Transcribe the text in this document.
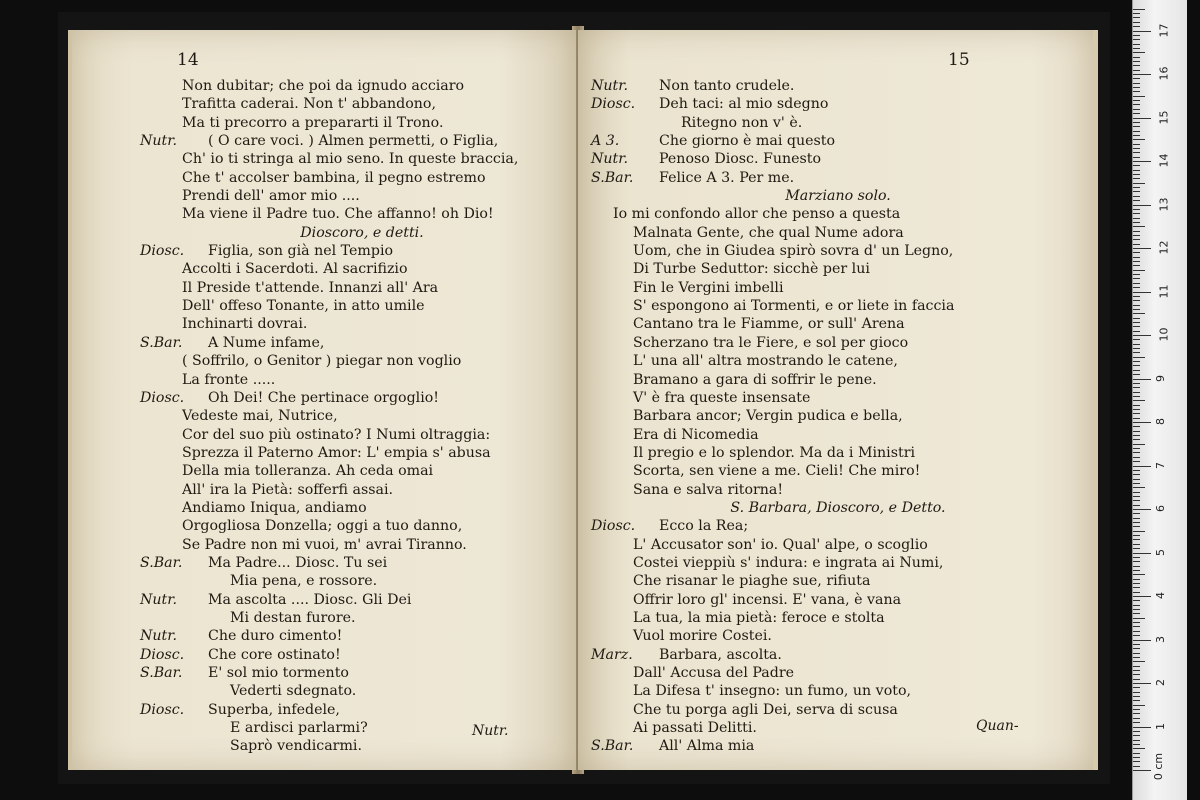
14
Non dubitar; che poi da ignudo acciaro
Trafitta caderai. Non t' abbandono,
Ma ti precorro a prepararti il Trono.
Nutr. ( O care voci. ) Almen permetti, o Figlia,
Ch' io ti stringa al mio seno. In queste braccia,
Che t' accolser bambina, il pegno estremo
Prendi dell' amor mio ....
Ma viene il Padre tuo. Che affanno! oh Dio!
Dioscoro, e detti.
Diosc. Figlia, son già nel Tempio
Accolti i Sacerdoti. Al sacrifizio
Il Preside t'attende. Innanzi all' Ara
Dell' offeso Tonante, in atto umile
Inchinarti dovrai.
S.Bar. A Nume infame,
( Soffrilo, o Genitor ) piegar non voglio
La fronte .....
Diosc. Oh Dei! Che pertinace orgoglio!
Vedeste mai, Nutrice,
Cor del suo più ostinato? I Numi oltraggia:
Sprezza il Paterno Amor: L' empia s' abusa
Della mia tolleranza. Ah ceda omai
All' ira la Pietà: sofferfi assai.
Andiamo Iniqua, andiamo
Orgogliosa Donzella; oggi a tuo danno,
Se Padre non mi vuoi, m' avrai Tiranno.
S.Bar. Ma Padre... Diosc. Tu sei
Mia pena, e rossore.
Nutr. Ma ascolta .... Diosc. Gli Dei
Mi destan furore.
Nutr. Che duro cimento!
Diosc. Che core ostinato!
S.Bar. E' sol mio tormento
Vederti sdegnato.
Diosc. Superba, infedele,
E ardisci parlarmi?
Saprò vendicarmi.
Nutr.
15
Nutr. Non tanto crudele.
Diosc. Deh taci: al mio sdegno
Ritegno non v' è.
A 3.	Che giorno è mai questo
Nutr. Penoso Diosc. Funesto
S.Bar. Felice A 3. Per me.
Marziano solo.
Io mi confondo allor che penso a questa
Malnata Gente, che qual Nume adora
Uom, che in Giudea spirò sovra d' un Legno,
Di Turbe Seduttor: sicchè per lui
Fin le Vergini imbelli
S' espongono ai Tormenti, e or liete in faccia
Cantano tra le Fiamme, or sull' Arena
Scherzano tra le Fiere, e sol per gioco
L' una all' altra mostrando le catene,
Bramano a gara di soffrir le pene.
V' è fra queste insensate
Barbara ancor; Vergin pudica e bella,
Era di Nicomedia
Il pregio e lo splendor. Ma da i Ministri
Scorta, sen viene a me. Cieli! Che miro!
Sana e salva ritorna!
S. Barbara, Dioscoro, e Detto.
Diosc. Ecco la Rea;
L' Accusator son' io. Qual' alpe, o scoglio
Costei vieppiù s' indura: e ingrata ai Numi,
Che risanar le piaghe sue, rifiuta
Offrir loro gl' incensi. E' vana, è vana
La tua, la mia pietà: feroce e stolta
Vuol morire Costei.
Marz. Barbara, ascolta.
Dall' Accusa del Padre
La Difesa t' insegno: un fumo, un voto,
Che tu porga agli Dei, serva di scusa
Ai passati Delitti.
S.Bar. All' Alma mia
Quan-
0 cm
1
2
3
4
5
6
7
8
9
10
11
12
13
14
15
16
17
